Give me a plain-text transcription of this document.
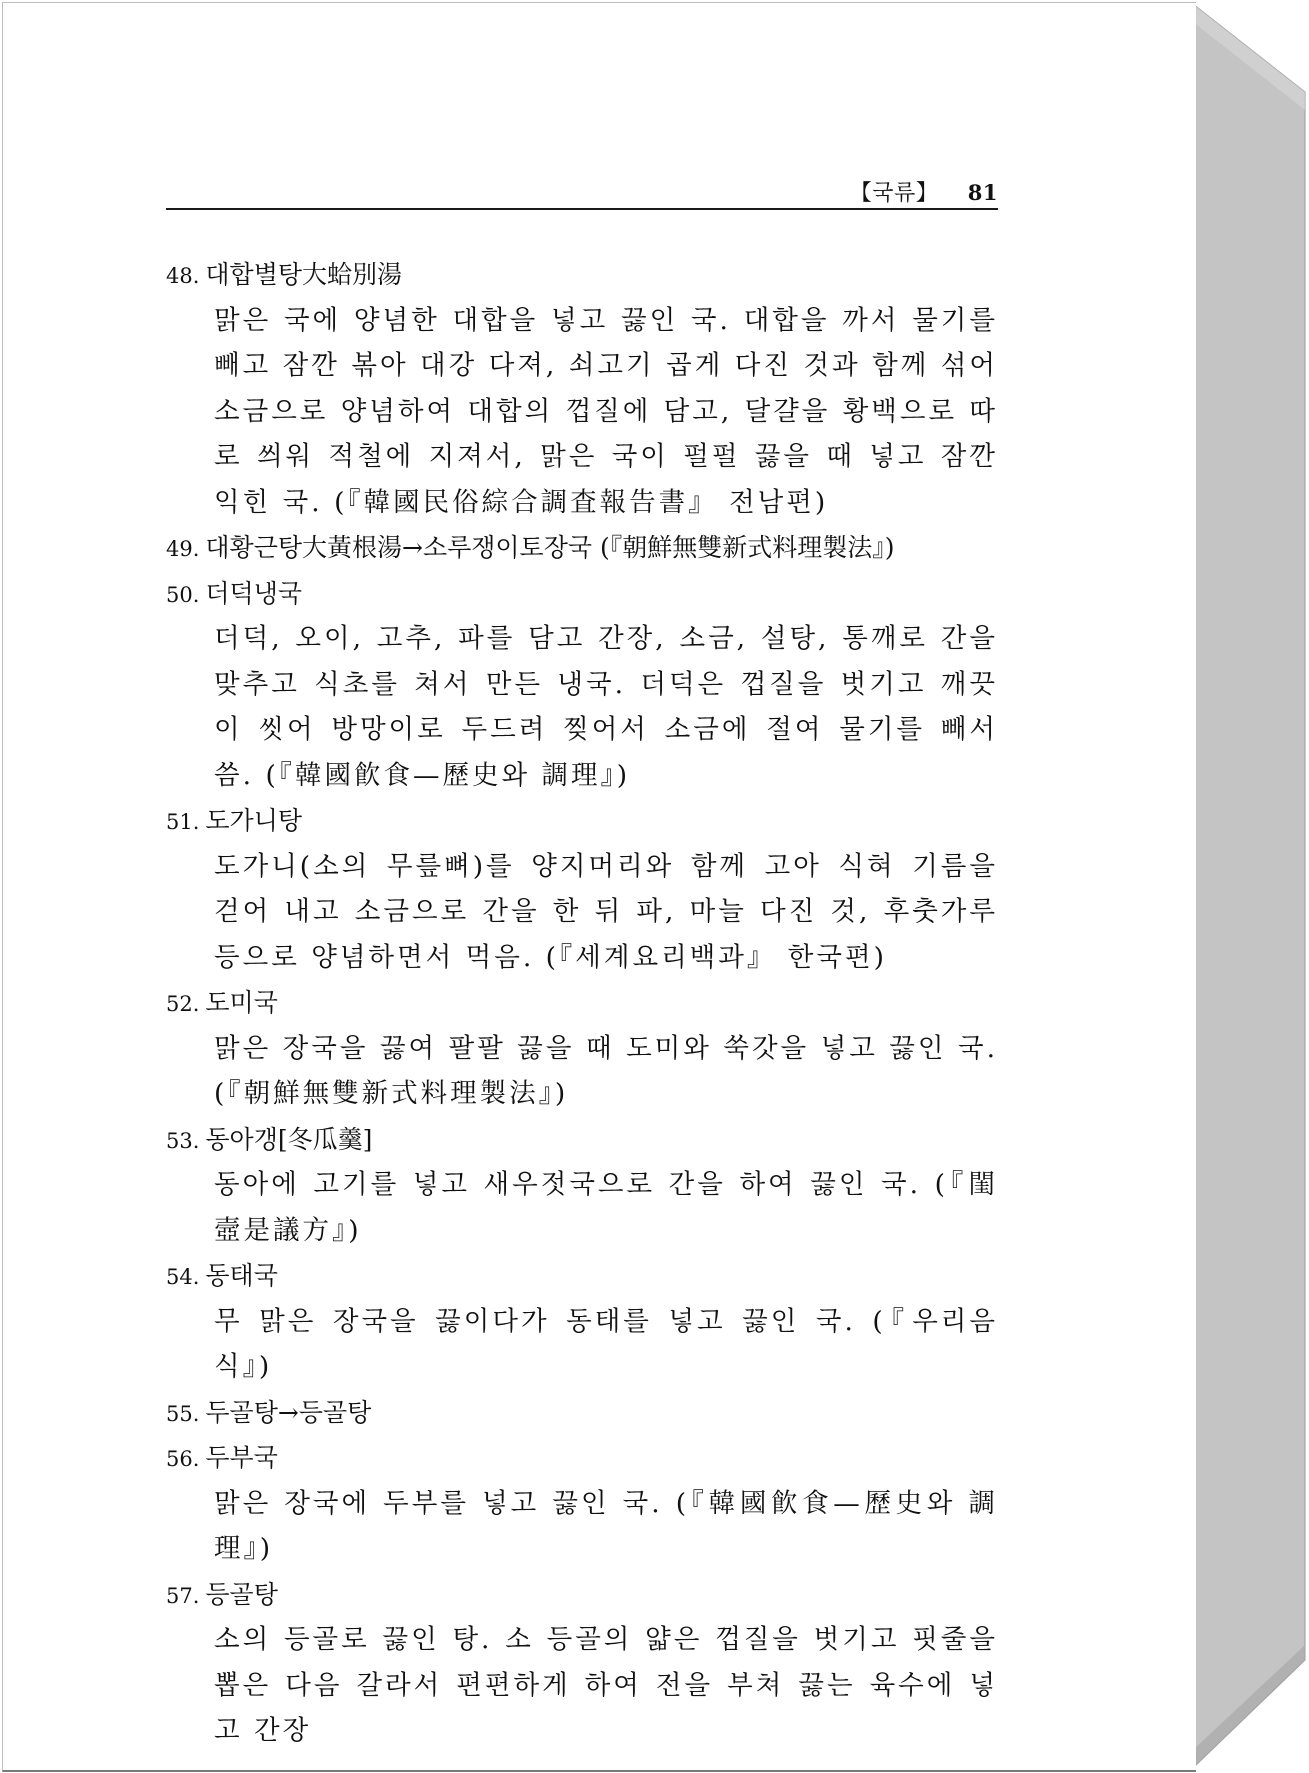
【국류】 81
48. 대합별탕大蛤別湯
맑은 국에 양념한 대합을 넣고 끓인 국. 대합을 까서 물기를 빼고 잠깐 볶아 대강 다져, 쇠고기 곱게 다진 것과 함께 섞어 소금으로 양념하여 대합의 껍질에 담고, 달걀을 황백으로 따로 씌워 적철에 지져서, 맑은 국이 펄펄 끓을 때 넣고 잠깐 익힌 국. (『韓國民俗綜合調査報告書』 전남편)
49. 대황근탕大黃根湯→소루쟁이토장국 (『朝鮮無雙新式料理製法』)
50. 더덕냉국
더덕, 오이, 고추, 파를 담고 간장, 소금, 설탕, 통깨로 간을 맞추고 식초를 쳐서 만든 냉국. 더덕은 껍질을 벗기고 깨끗이 씻어 방망이로 두드려 찢어서 소금에 절여 물기를 빼서 씀. (『韓國飮食—歷史와 調理』)
51. 도가니탕
도가니(소의 무릎뼈)를 양지머리와 함께 고아 식혀 기름을 걷어 내고 소금으로 간을 한 뒤 파, 마늘 다진 것, 후춧가루 등으로 양념하면서 먹음. (『세계요리백과』 한국편)
52. 도미국
맑은 장국을 끓여 팔팔 끓을 때 도미와 쑥갓을 넣고 끓인 국. (『朝鮮無雙新式料理製法』)
53. 동아갱[冬瓜羹]
동아에 고기를 넣고 새우젓국으로 간을 하여 끓인 국. (『閨壼是議方』)
54. 동태국
무 맑은 장국을 끓이다가 동태를 넣고 끓인 국. (『우리음식』)
55. 두골탕→등골탕
56. 두부국
맑은 장국에 두부를 넣고 끓인 국. (『韓國飮食—歷史와 調理』)
57. 등골탕
소의 등골로 끓인 탕. 소 등골의 얇은 껍질을 벗기고 핏줄을 뽑은 다음 갈라서 편편하게 하여 전을 부쳐 끓는 육수에 넣고 간장
